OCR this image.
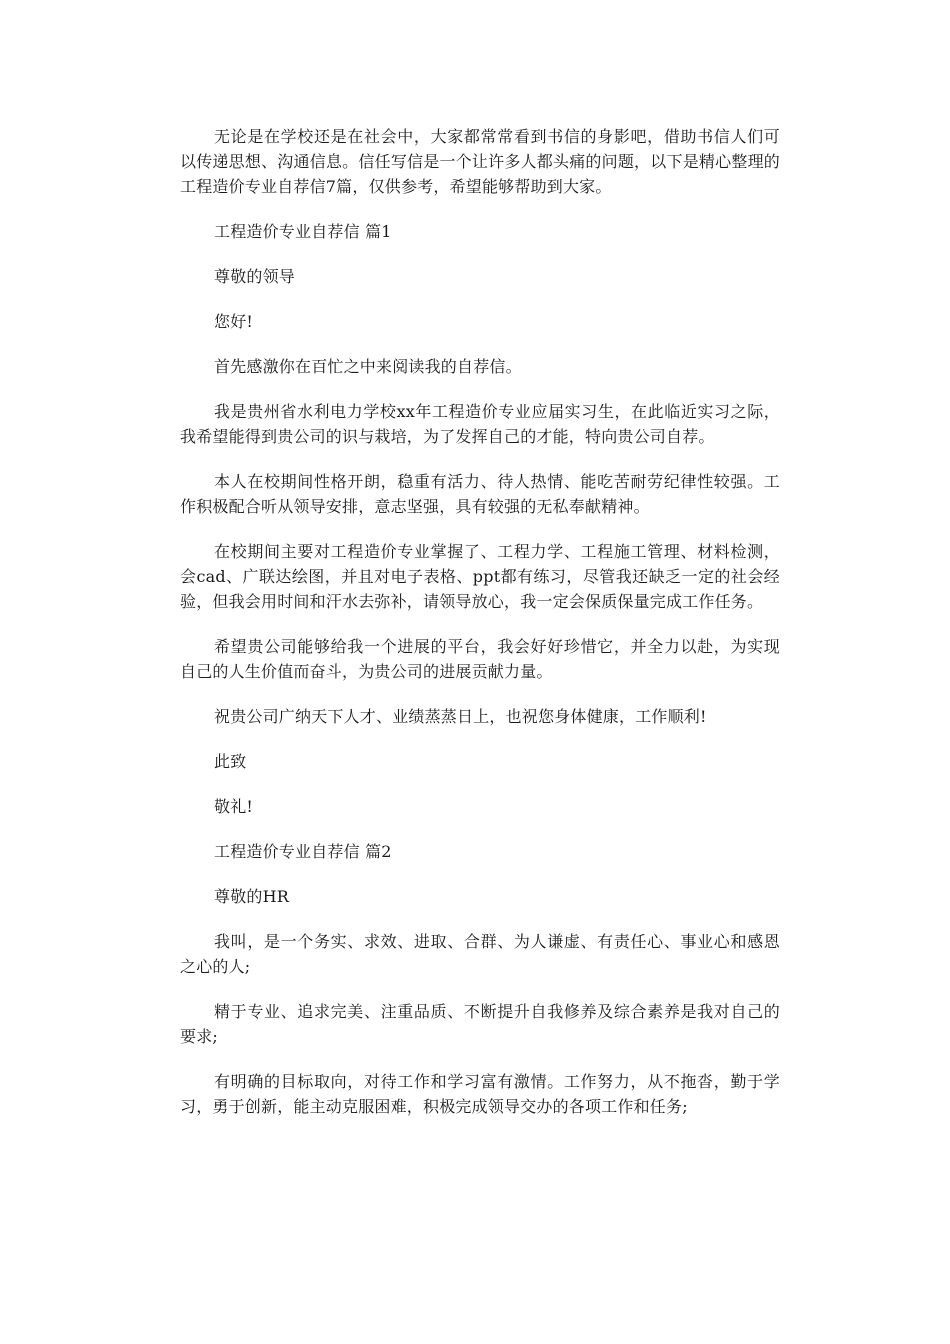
无论是在学校还是在社会中，大家都常常看到书信的身影吧，借助书信人们可以传递思想、沟通信息。信任写信是一个让许多人都头痛的问题，以下是精心整理的工程造价专业自荐信7篇，仅供参考，希望能够帮助到大家。

工程造价专业自荐信 篇1

尊敬的领导

您好!

首先感激你在百忙之中来阅读我的自荐信。

我是贵州省水利电力学校xx年工程造价专业应届实习生，在此临近实习之际，我希望能得到贵公司的识与栽培，为了发挥自己的才能，特向贵公司自荐。

本人在校期间性格开朗，稳重有活力、待人热情、能吃苦耐劳纪律性较强。工作积极配合听从领导安排，意志坚强，具有较强的无私奉献精神。

在校期间主要对工程造价专业掌握了、工程力学、工程施工管理、材料检测，会cad、广联达绘图，并且对电子表格、ppt都有练习，尽管我还缺乏一定的社会经验，但我会用时间和汗水去弥补，请领导放心，我一定会保质保量完成工作任务。

希望贵公司能够给我一个进展的平台，我会好好珍惜它，并全力以赴，为实现自己的人生价值而奋斗，为贵公司的进展贡献力量。

祝贵公司广纳天下人才、业绩蒸蒸日上，也祝您身体健康，工作顺利!

此致

敬礼!

工程造价专业自荐信 篇2

尊敬的HR

我叫，是一个务实、求效、进取、合群、为人谦虚、有责任心、事业心和感恩之心的人;

精于专业、追求完美、注重品质、不断提升自我修养及综合素养是我对自己的要求;

有明确的目标取向，对待工作和学习富有激情。工作努力，从不拖沓，勤于学习，勇于创新，能主动克服困难，积极完成领导交办的各项工作和任务;
